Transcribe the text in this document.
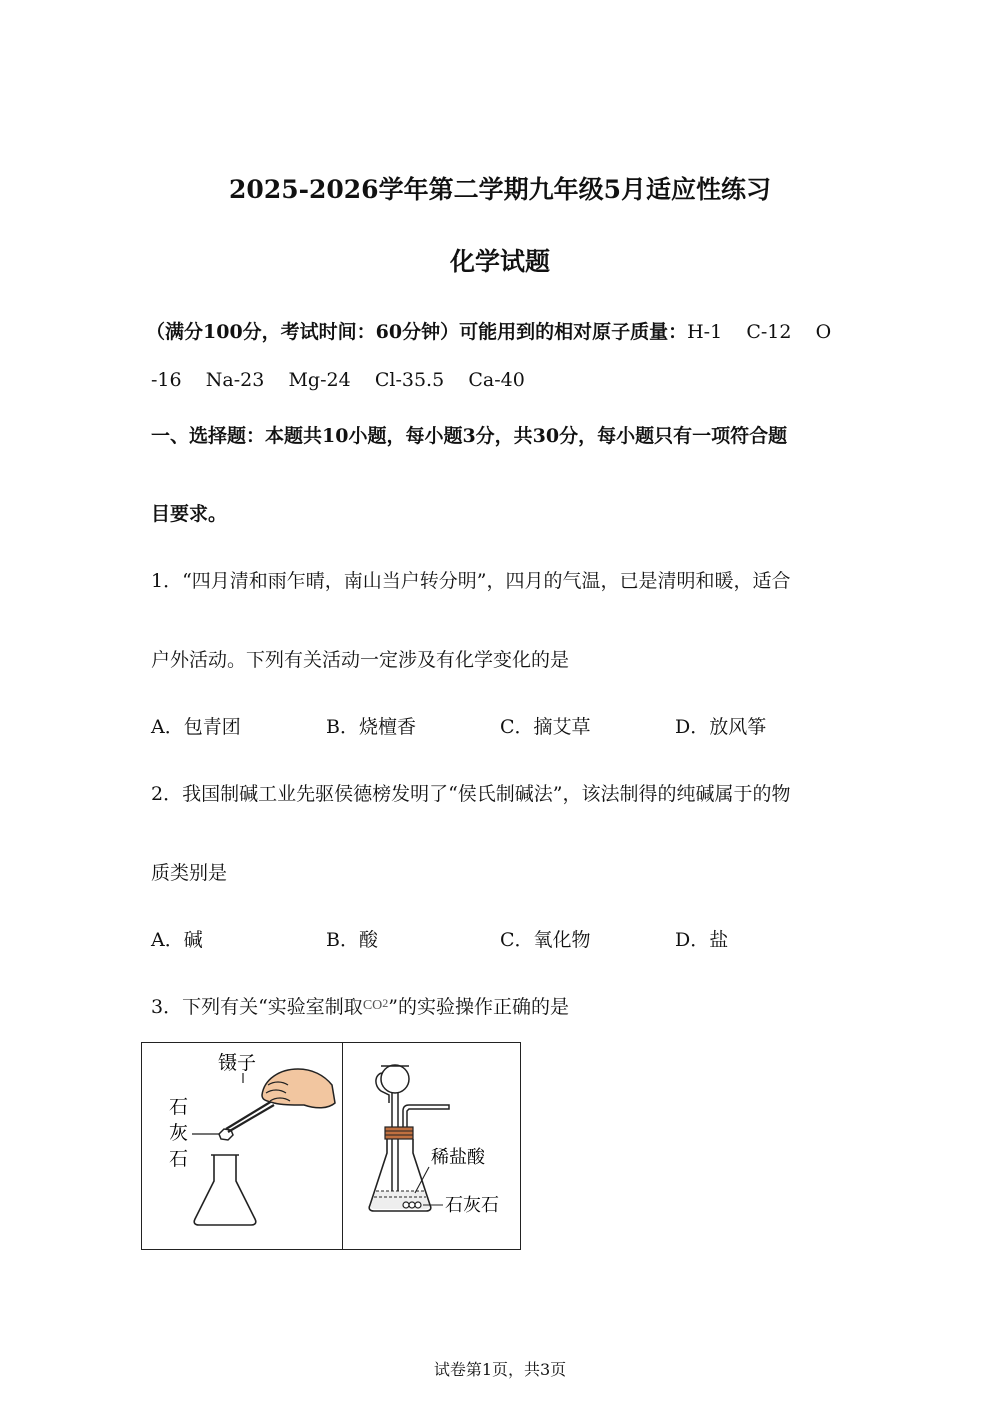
2025-2026学年第二学期九年级5月适应性练习
化学试题
（满分100分，考试时间：60分钟）可能用到的相对原子质量：H-1    C-12    O
-16    Na-23    Mg-24    Cl-35.5    Ca-40
一、选择题：本题共10小题，每小题3分，共30分，每小题只有一项符合题
目要求。
1．“四月清和雨乍晴，南山当户转分明”，四月的气温，已是清明和暖，适合
户外活动。下列有关活动一定涉及有化学变化的是
A．包青团	B．烧檀香	C．摘艾草	D．放风筝
2．我国制碱工业先驱侯德榜发明了“侯氏制碱法”，该法制得的纯碱属于的物
质类别是
A．碱	B．酸	C．氧化物	D．盐
3．下列有关“实验室制取$^{CO2}$”的实验操作正确的是
镊子
石
灰
石	稀盐酸
石灰石
试卷第1页，共3页
